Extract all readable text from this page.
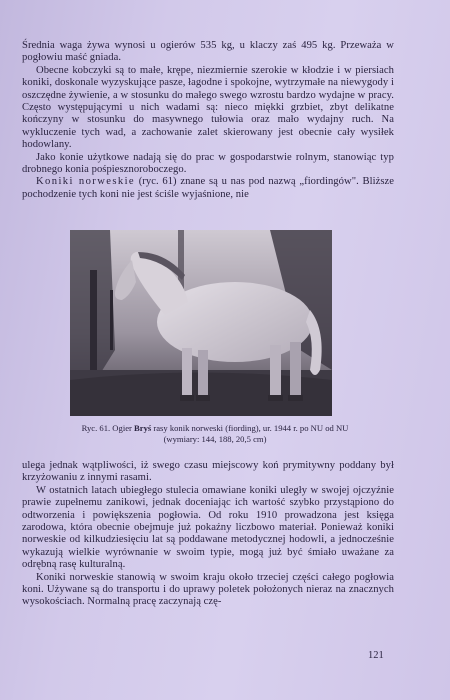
Średnia waga żywa wynosi u ogierów 535 kg, u klaczy zaś 495 kg. Przeważa w pogłowiu maść gniada.

Obecne kobczyki są to małe, krępe, niezmiernie szerokie w kłodzie i w piersiach koniki, doskonale wyzyskujące pasze, łagodne i spokojne, wytrzymałe na niewygody i oszczędne żywienie, a w stosunku do małego swego wzrostu bardzo wydajne w pracy. Często występującymi u nich wadami są: nieco miękki grzbiet, zbyt delikatne kończyny w stosunku do masywnego tułowia oraz mało wydajny ruch. Na wykluczenie tych wad, a zachowanie zalet skierowany jest obecnie cały wysiłek hodowlany.

Jako konie użytkowe nadają się do prac w gospodarstwie rolnym, stanowiąc typ drobnego konia pośpiesznoroboczego.

Koniki norweskie (ryc. 61) znane są u nas pod nazwą „fiordingów". Bliższe pochodzenie tych koni nie jest ściśle wyjaśnione, nie

Ryc. 61. Ogier Bryś rasy konik norweski (fiording), ur. 1944 r. po NU od NU (wymiary: 144, 188, 20,5 cm)

ulega jednak wątpliwości, iż swego czasu miejscowy koń prymitywny poddany był krzyżowaniu z innymi rasami.

W ostatnich latach ubiegłego stulecia omawiane koniki uległy w swojej ojczyźnie prawie zupełnemu zanikowi, jednak doceniając ich wartość szybko przystąpiono do odtworzenia i powiększenia pogłowia. Od roku 1910 prowadzona jest księga zarodowa, która obecnie obejmuje już pokaźny liczbowo materiał. Ponieważ koniki norweskie od kilkudziesięciu lat są poddawane metodycznej hodowli, a jednocześnie wykazują wielkie wyrównanie w swoim typie, mogą już być śmiało uważane za odrębną rasę kulturalną.

Koniki norweskie stanowią w swoim kraju około trzeciej części całego pogłowia koni. Używane są do transportu i do uprawy poletek położonych nieraz na znacznych wysokościach. Normalną pracę zaczynają czę-

121
